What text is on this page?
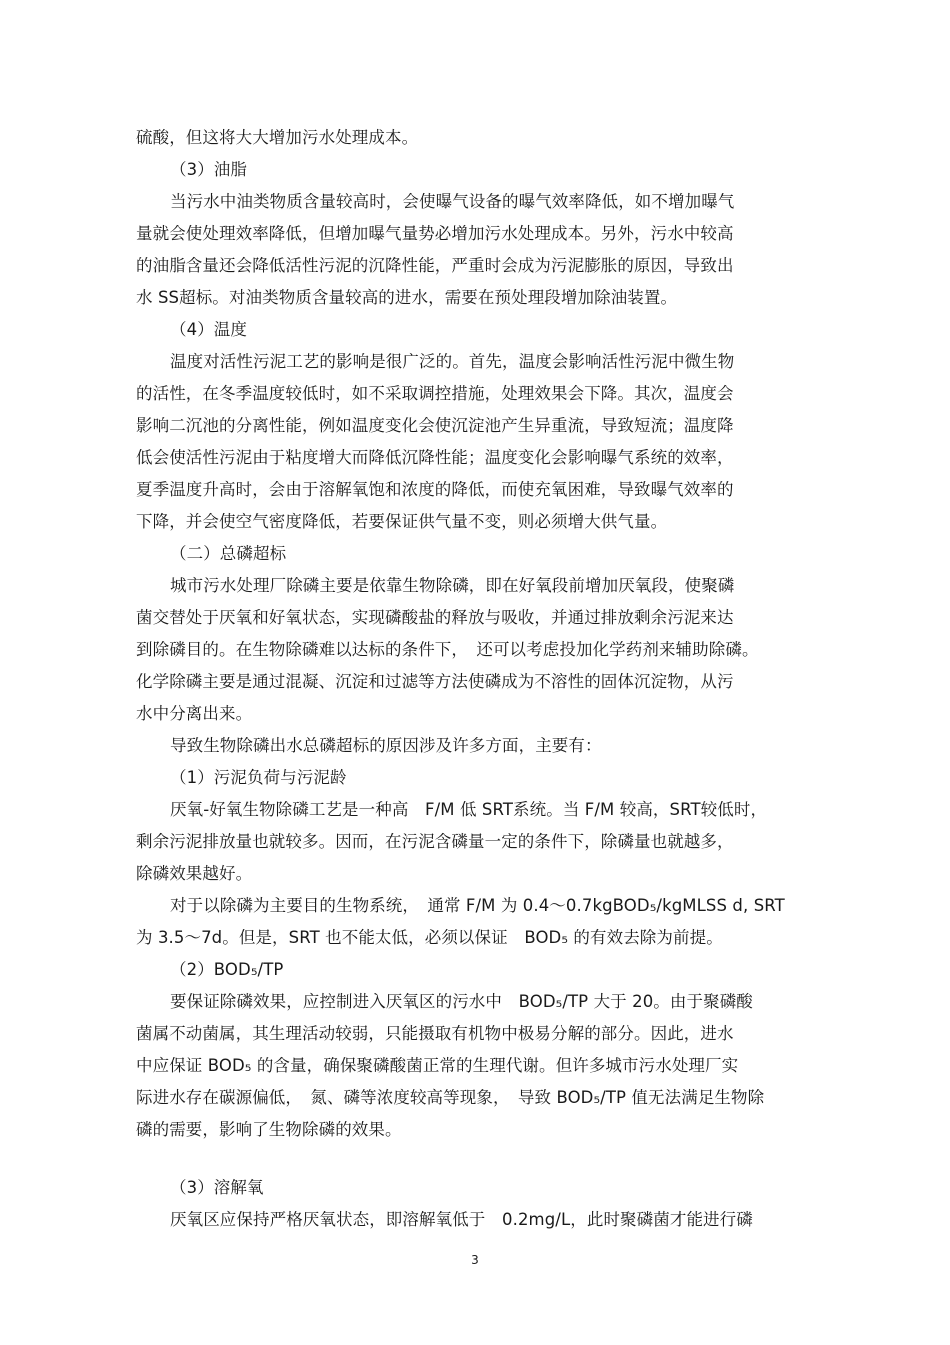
硫酸，但这将大大增加污水处理成本。

（3）油脂

当污水中油类物质含量较高时，会使曝气设备的曝气效率降低，如不增加曝气

量就会使处理效率降低，但增加曝气量势必增加污水处理成本。另外，污水中较高

的油脂含量还会降低活性污泥的沉降性能，严重时会成为污泥膨胀的原因，导致出

水 SS超标。对油类物质含量较高的进水，需要在预处理段增加除油装置。

（4）温度

温度对活性污泥工艺的影响是很广泛的。首先，温度会影响活性污泥中微生物

的活性，在冬季温度较低时，如不采取调控措施，处理效果会下降。其次，温度会

影响二沉池的分离性能，例如温度变化会使沉淀池产生异重流，导致短流；温度降

低会使活性污泥由于粘度增大而降低沉降性能；温度变化会影响曝气系统的效率，

夏季温度升高时，会由于溶解氧饱和浓度的降低，而使充氧困难，导致曝气效率的

下降，并会使空气密度降低，若要保证供气量不变，则必须增大供气量。

（二）总磷超标

城市污水处理厂除磷主要是依靠生物除磷，即在好氧段前增加厌氧段，使聚磷

菌交替处于厌氧和好氧状态，实现磷酸盐的释放与吸收，并通过排放剩余污泥来达

到除磷目的。在生物除磷难以达标的条件下，　还可以考虑投加化学药剂来辅助除磷。

化学除磷主要是通过混凝、沉淀和过滤等方法使磷成为不溶性的固体沉淀物，从污

水中分离出来。

导致生物除磷出水总磷超标的原因涉及许多方面，主要有：

（1）污泥负荷与污泥龄

厌氧-好氧生物除磷工艺是一种高　F/M 低 SRT系统。当 F/M 较高，SRT较低时，

剩余污泥排放量也就较多。因而，在污泥含磷量一定的条件下，除磷量也就越多，

除磷效果越好。

对于以除磷为主要目的生物系统，　通常 F/M 为 0.4～0.7kgBOD₅/kgMLSS d, SRT

为 3.5～7d。但是，SRT 也不能太低，必须以保证　BOD₅ 的有效去除为前提。

（2）BOD₅/TP

要保证除磷效果，应控制进入厌氧区的污水中　BOD₅/TP 大于 20。由于聚磷酸

菌属不动菌属，其生理活动较弱，只能摄取有机物中极易分解的部分。因此，进水

中应保证 BOD₅ 的含量，确保聚磷酸菌正常的生理代谢。但许多城市污水处理厂实

际进水存在碳源偏低，　氮、磷等浓度较高等现象，　导致 BOD₅/TP 值无法满足生物除

磷的需要，影响了生物除磷的效果。

（3）溶解氧

厌氧区应保持严格厌氧状态，即溶解氧低于　0.2mg/L，此时聚磷菌才能进行磷

3
